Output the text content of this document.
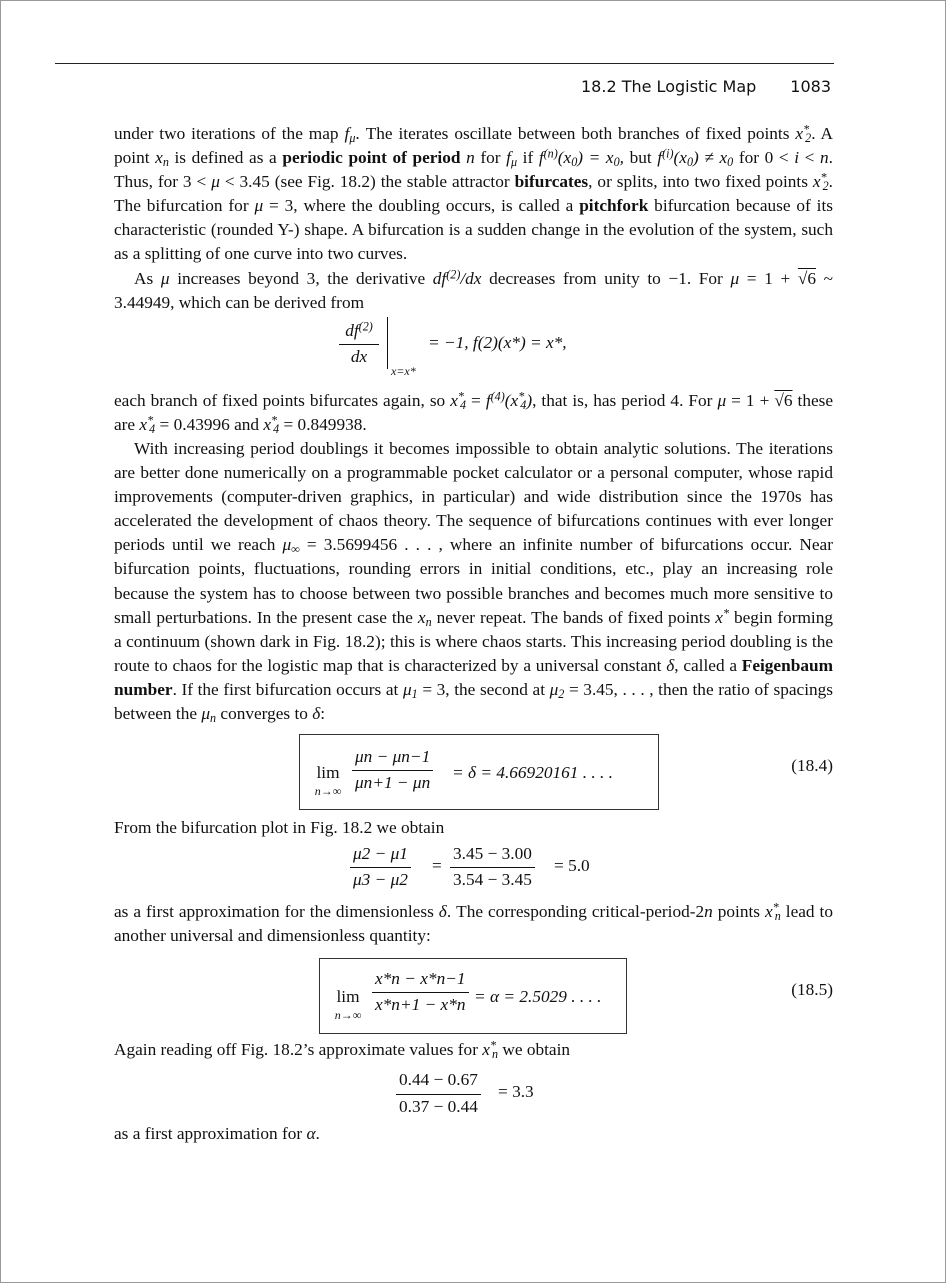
18.2 The Logistic Map 1083

under two iterations of the map fμ. The iterates oscillate between both branches of fixed points x*2. A point xn is defined as a periodic point of period n for fμ if $f^{(n)}(x0) = x0$, but $f^{(i)}(x0) \ne x0$ for 0 < i < n. Thus, for 3 < μ < 3.45 (see Fig. 18.2) the stable attractor bifurcates, or splits, into two fixed points x*2. The bifurcation for μ = 3, where the doubling occurs, is called a pitchfork bifurcation because of its characteristic (rounded Y-) shape. A bifurcation is a sudden change in the evolution of the system, such as a splitting of one curve into two curves.

As μ increases beyond 3, the derivative $df^{(2)}/dx$ decreases from unity to −1. For μ = 1 + √6 ~ 3.44949, which can be derived from

$\frac{df^{(2)}}{dx}$
x=x*
= −1, f(2)(x*) = x*,

each branch of fixed points bifurcates again, so $x^*4 = f^{(4)}(x^*4)$, that is, has period 4. For μ = 1 + √6 these are x*4 = 0.43996 and x*4 = 0.849938.

With increasing period doublings it becomes impossible to obtain analytic solutions. The iterations are better done numerically on a programmable pocket calculator or a personal computer, whose rapid improvements (computer-driven graphics, in particular) and wide distribution since the 1970s has accelerated the development of chaos theory. The sequence of bifurcations continues with ever longer periods until we reach μ∞ = 3.5699456 . . . , where an infinite number of bifurcations occur. Near bifurcation points, fluctuations, rounding errors in initial conditions, etc., play an increasing role because the system has to choose between two possible branches and becomes much more sensitive to small perturbations. In the present case the xn never repeat. The bands of fixed points x* begin forming a continuum (shown dark in Fig. 18.2); this is where chaos starts. This increasing period doubling is the route to chaos for the logistic map that is characterized by a universal constant δ, called a Feigenbaum number. If the first bifurcation occurs at μ1 = 3, the second at μ2 = 3.45, . . . , then the ratio of spacings between the μn converges to δ:

lim
$n\to\infty \frac{\mu n - \mu n-1}{\mu n+1 - \mu n} = \delta = 4.66920161$ . . . .	(18.4)

From the bifurcation plot in Fig. 18.2 we obtain

$\frac{\mu 2 - \mu 1}{\mu 3 - \mu 2} = \frac{3.45 - 3.00}{3.54 - 3.45} = 5.0$

as a first approximation for the dimensionless δ. The corresponding critical-period-2n points x*n lead to another universal and dimensionless quantity:

lim
$n\to\infty \frac{x*n - x*n-1}{x*n+1 - x*n} = \alpha = 2.5029$ . . . .	(18.5)

Again reading off Fig. 18.2’s approximate values for x*n we obtain

$\frac{0.44 - 0.67}{0.37 - 0.44} = 3.3$

as a first approximation for α.
